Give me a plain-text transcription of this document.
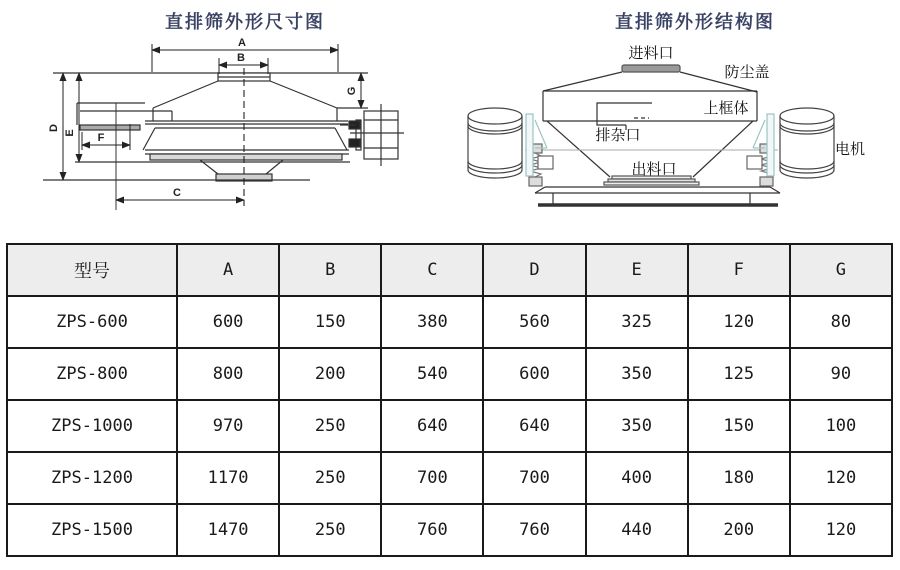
直排筛外形尺寸图	直排筛外形结构图
A
B
C
D
E F
G
进料口
防尘盖
上框体
排杂口
出料口
电机
型号	A	B	C	D	E	F	G
ZPS-600	600	150	380	560	325	120	80
ZPS-800	800	200	540	600	350	125	90
ZPS-1000	970	250	640	640	350	150	100
ZPS-1200	1170	250	700	700	400	180	120
ZPS-1500	1470	250	760	760	440	200	120
